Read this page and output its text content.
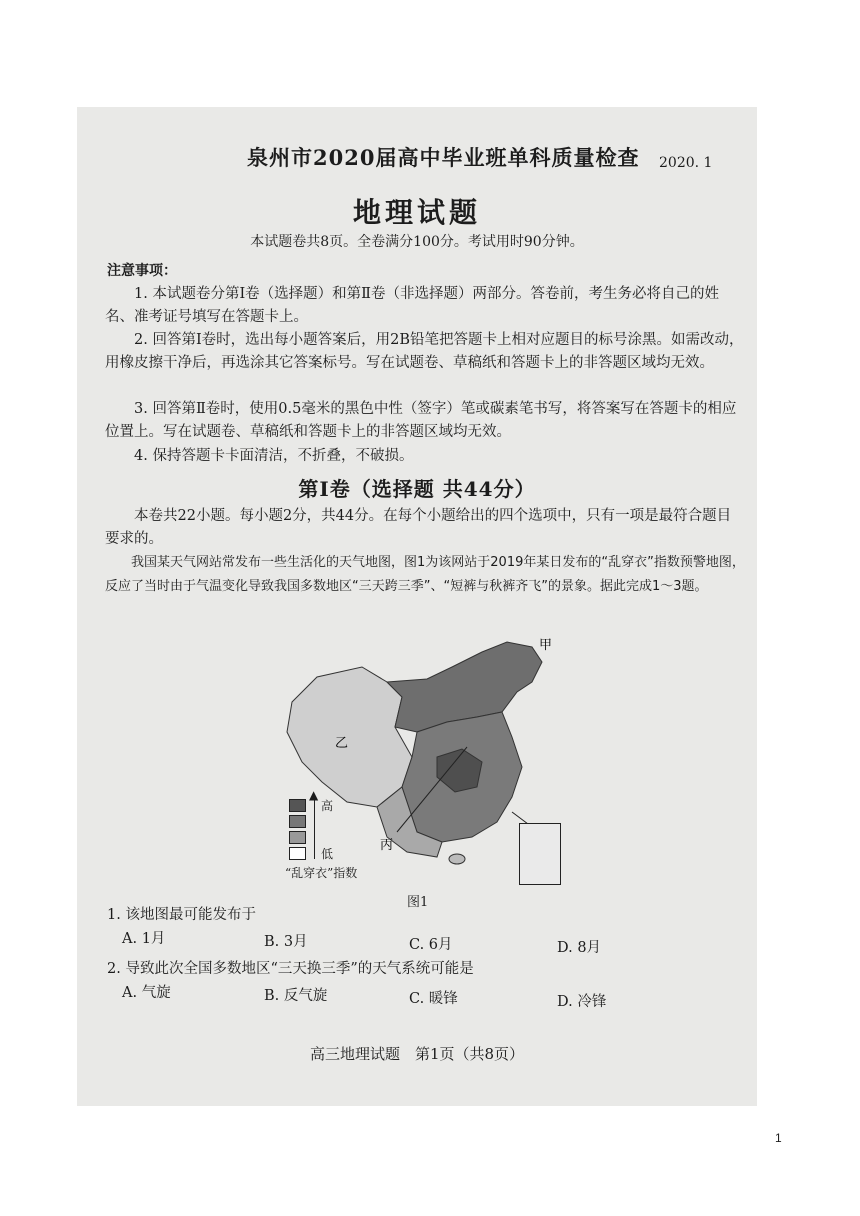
泉州市2020届高中毕业班单科质量检查 2020. 1
地理试题
本试题卷共8页。全卷满分100分。考试用时90分钟。
注意事项：
1. 本试题卷分第Ⅰ卷（选择题）和第Ⅱ卷（非选择题）两部分。答卷前，考生务必将自己的姓名、准考证号填写在答题卡上。
2. 回答第Ⅰ卷时，选出每小题答案后，用2B铅笔把答题卡上相对应题目的标号涂黑。如需改动，用橡皮擦干净后，再选涂其它答案标号。写在试题卷、草稿纸和答题卡上的非答题区域均无效。
3. 回答第Ⅱ卷时，使用0.5毫米的黑色中性（签字）笔或碳素笔书写，将答案写在答题卡的相应位置上。写在试题卷、草稿纸和答题卡上的非答题区域均无效。
4. 保持答题卡卡面清洁，不折叠，不破损。
第Ⅰ卷（选择题 共44分）
本卷共22小题。每小题2分，共44分。在每个小题给出的四个选项中，只有一项是最符合题目要求的。
我国某天气网站常发布一些生活化的天气地图，图1为该网站于2019年某日发布的“乱穿衣”指数预警地图，反应了当时由于气温变化导致我国多数地区“三天跨三季”、“短裤与秋裤齐飞”的景象。据此完成1～3题。
甲
乙
丙
▲
高
低
“乱穿衣”指数
图1
1. 该地图最可能发布于
A. 1月	B. 3月	C. 6月	D. 8月
2. 导致此次全国多数地区“三天换三季”的天气系统可能是
A. 气旋	B. 反气旋	C. 暖锋	D. 冷锋
高三地理试题　第1页（共8页）
1
